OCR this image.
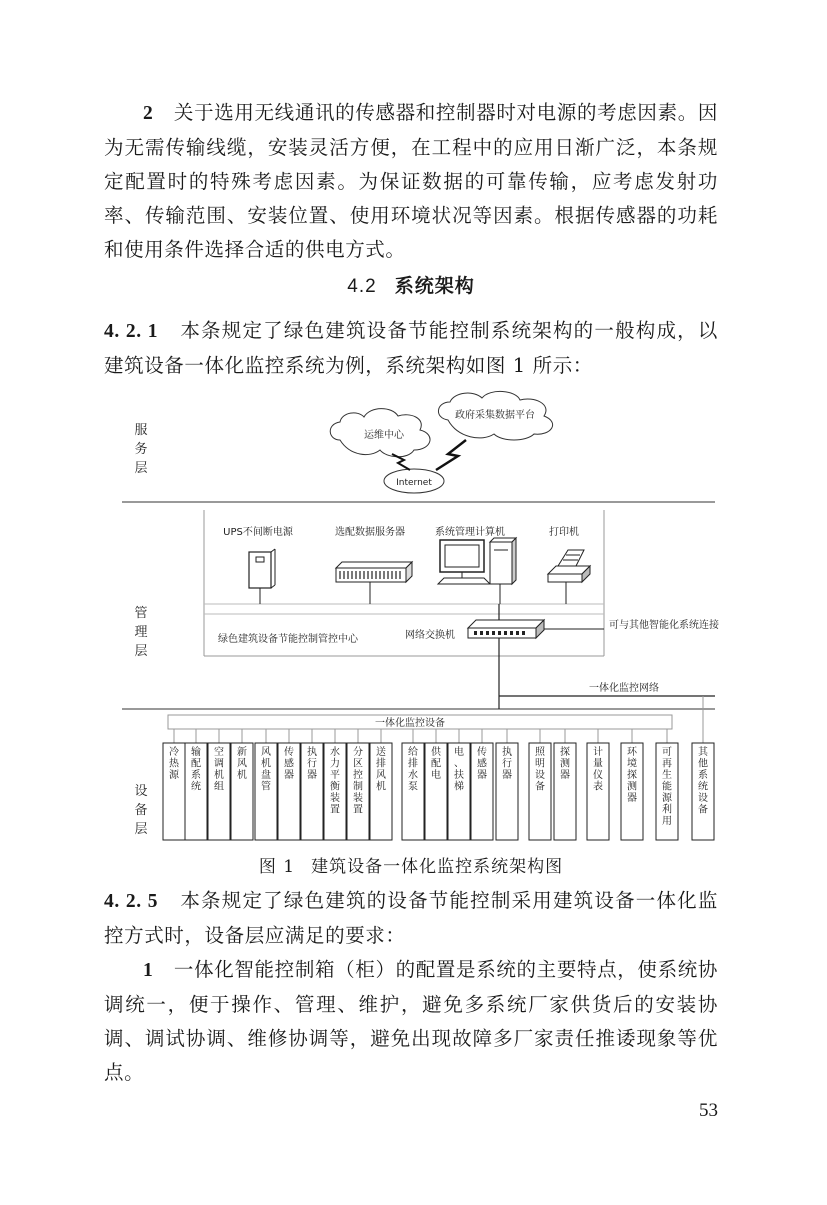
2 关于选用无线通讯的传感器和控制器时对电源的考虑因素。因为无需传输线缆，安装灵活方便，在工程中的应用日渐广泛，本条规定配置时的特殊考虑因素。为保证数据的可靠传输，应考虑发射功率、传输范围、安装位置、使用环境状况等因素。根据传感器的功耗和使用条件选择合适的供电方式。
4.2 系统架构
4. 2. 1 本条规定了绿色建筑设备节能控制系统架构的一般构成，以建筑设备一体化监控系统为例，系统架构如图 1 所示：
服务层
管理层
设备层
运维中心
政府采集数据平台
Internet
UPS不间断电源	选配数据服务器	系统管理计算机	打印机
网络交换机
绿色建筑设备节能控制管控中心
可与其他智能化系统连接
一体化监控网络
一体化监控设备
冷热源
输配系统
空调机组
新风机
风机盘管
传感器
执行器
水力平衡装置
分区控制装置
送排风机
给排水泵
供配电
电、扶梯
传感器
执行器
照明设备
探测器
计量仪表
环境探测器
可再生能源利用
其他系统设备
图 1 建筑设备一体化监控系统架构图
4. 2. 5 本条规定了绿色建筑的设备节能控制采用建筑设备一体化监控方式时，设备层应满足的要求：
1 一体化智能控制箱（柜）的配置是系统的主要特点，使系统协调统一，便于操作、管理、维护，避免多系统厂家供货后的安装协调、调试协调、维修协调等，避免出现故障多厂家责任推诿现象等优点。
53
